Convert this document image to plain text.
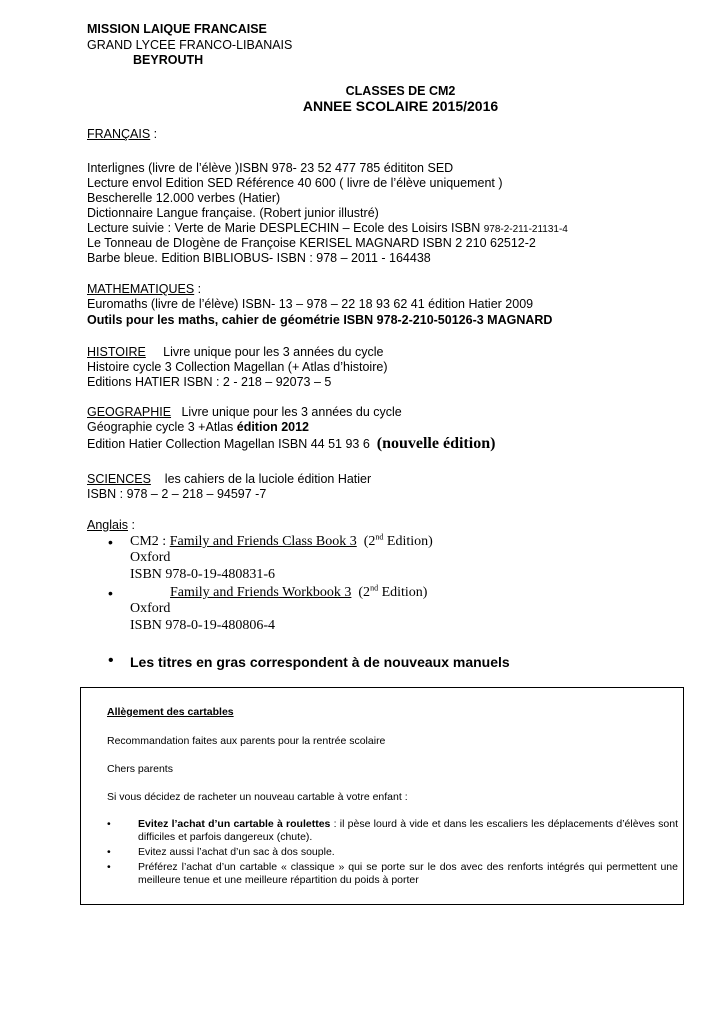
MISSION LAIQUE FRANCAISE
GRAND LYCEE FRANCO-LIBANAIS
BEYROUTH
CLASSES DE CM2
ANNEE SCOLAIRE 2015/2016
FRANÇAIS :
Interlignes (livre de l’élève )ISBN 978- 23 52 477 785 édititon SED
Lecture envol Edition SED Référence 40 600 ( livre de l’élève uniquement )
Bescherelle 12.000 verbes (Hatier)
Dictionnaire Langue française. (Robert junior illustré)
Lecture suivie : Verte de Marie DESPLECHIN – Ecole des Loisirs ISBN 978-2-211-21131-4
Le Tonneau de DIogène de Françoise KERISEL MAGNARD ISBN 2 210 62512-2
Barbe bleue. Edition BIBLIOBUS- ISBN : 978 – 2011 - 164438
MATHEMATIQUES :
Euromaths (livre de l’élève) ISBN- 13 – 978 – 22 18 93 62 41 édition Hatier 2009
Outils pour les maths, cahier de géométrie ISBN 978-2-210-50126-3 MAGNARD
HISTOIRE     Livre unique pour les 3 années du cycle
Histoire cycle 3 Collection Magellan (+ Atlas d’histoire)
Editions HATIER ISBN : 2 - 218 – 92073 – 5
GEOGRAPHIE   Livre unique pour les 3 années du cycle
Géographie cycle 3 +Atlas édition 2012
Edition Hatier Collection Magellan ISBN 44 51 93 6  (nouvelle édition)
SCIENCES    les cahiers de la luciole édition Hatier
ISBN : 978 – 2 – 218 – 94597 -7
Anglais :
• CM2 : Family and Friends Class Book 3  (2nd Edition)
Oxford
ISBN 978-0-19-480831-6
•	Family and Friends Workbook 3  (2nd Edition)
Oxford
ISBN 978-0-19-480806-4
• Les titres en gras correspondent à de nouveaux manuels
Allègement des cartables
Recommandation faites aux parents pour la rentrée scolaire
Chers parents
Si vous décidez de racheter un nouveau cartable à votre enfant :
•	Evitez l’achat d’un cartable à roulettes : il pèse lourd à vide et dans les escaliers les déplacements d’élèves sont difficiles et parfois dangereux (chute).
•	Evitez aussi l’achat d’un sac à dos souple.
•	Préférez l’achat d’un cartable « classique » qui se porte sur le dos avec des renforts intégrés qui permettent une meilleure tenue et une meilleure répartition du poids à porter
